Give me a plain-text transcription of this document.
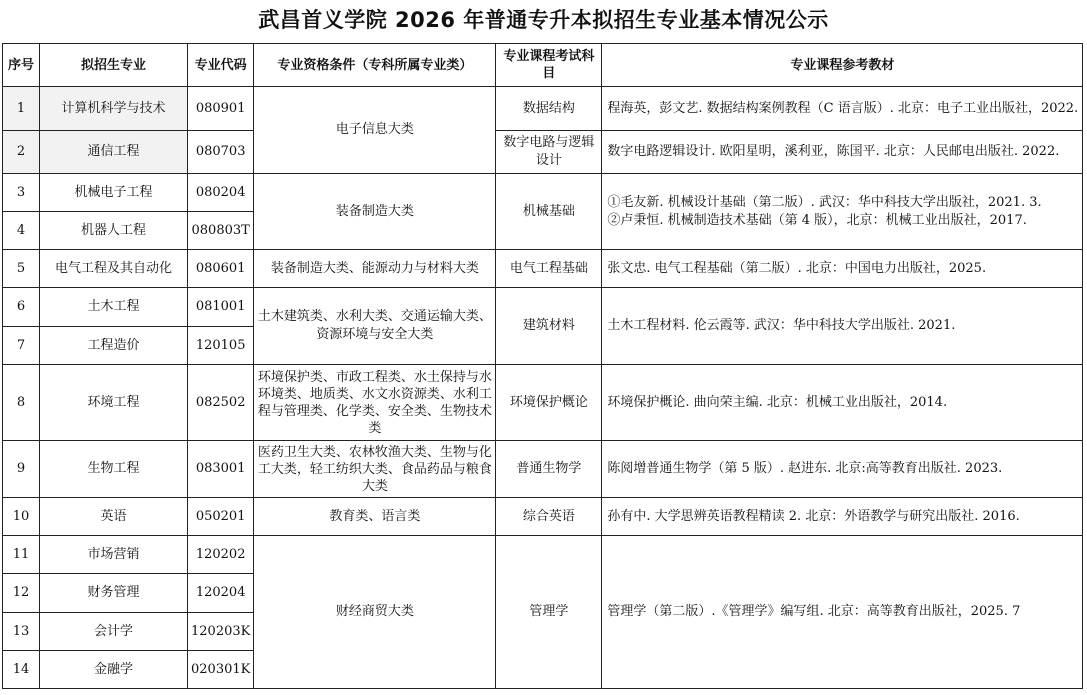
武昌首义学院 2026 年普通专升本拟招生专业基本情况公示
序号	拟招生专业	专业代码	专业资格条件（专科所属专业类）	专业课程考试科目	专业课程参考教材
1	计算机科学与技术	080901	电子信息大类	数据结构	程海英，彭文艺. 数据结构案例教程（C 语言版）. 北京：电子工业出版社，2022.
2	通信工程	080703		数字电路与逻辑设计	数字电路逻辑设计. 欧阳星明，溪利亚，陈国平. 北京：人民邮电出版社. 2022.
3	机械电子工程	080204	装备制造大类	机械基础	①毛友新. 机械设计基础（第二版）. 武汉：华中科技大学出版社，2021. 3.
②卢秉恒. 机械制造技术基础（第 4 版），北京：机械工业出版社，2017.

4	机器人工程	080803T			
5	电气工程及其自动化	080601	装备制造大类、能源动力与材料大类	电气工程基础	张文忠. 电气工程基础（第二版）. 北京：中国电力出版社，2025.
6	土木工程	081001	土木建筑类、水利大类、交通运输大类、资源环境与安全大类	建筑材料	土木工程材料. 伦云霞等. 武汉：华中科技大学出版社. 2021.
7	工程造价	120105			
8	环境工程	082502	环境保护类、市政工程类、水土保持与水环境类、地质类、水文水资源类、水利工程与管理类、化学类、安全类、生物技术类	环境保护概论	环境保护概论. 曲向荣主编. 北京：机械工业出版社，2014.
9	生物工程	083001	医药卫生大类、农林牧渔大类、生物与化工大类，轻工纺织大类、食品药品与粮食大类	普通生物学	陈阅增普通生物学（第 5 版）. 赵进东. 北京:高等教育出版社. 2023.
10	英语	050201	教育类、语言类	综合英语	孙有中. 大学思辨英语教程精读 2. 北京：外语教学与研究出版社. 2016.
11	市场营销	120202	财经商贸大类	管理学	管理学（第二版）.《管理学》编写组. 北京：高等教育出版社，2025. 7
12	财务管理	120204			
13	会计学	120203K			
14	金融学	020301K			
